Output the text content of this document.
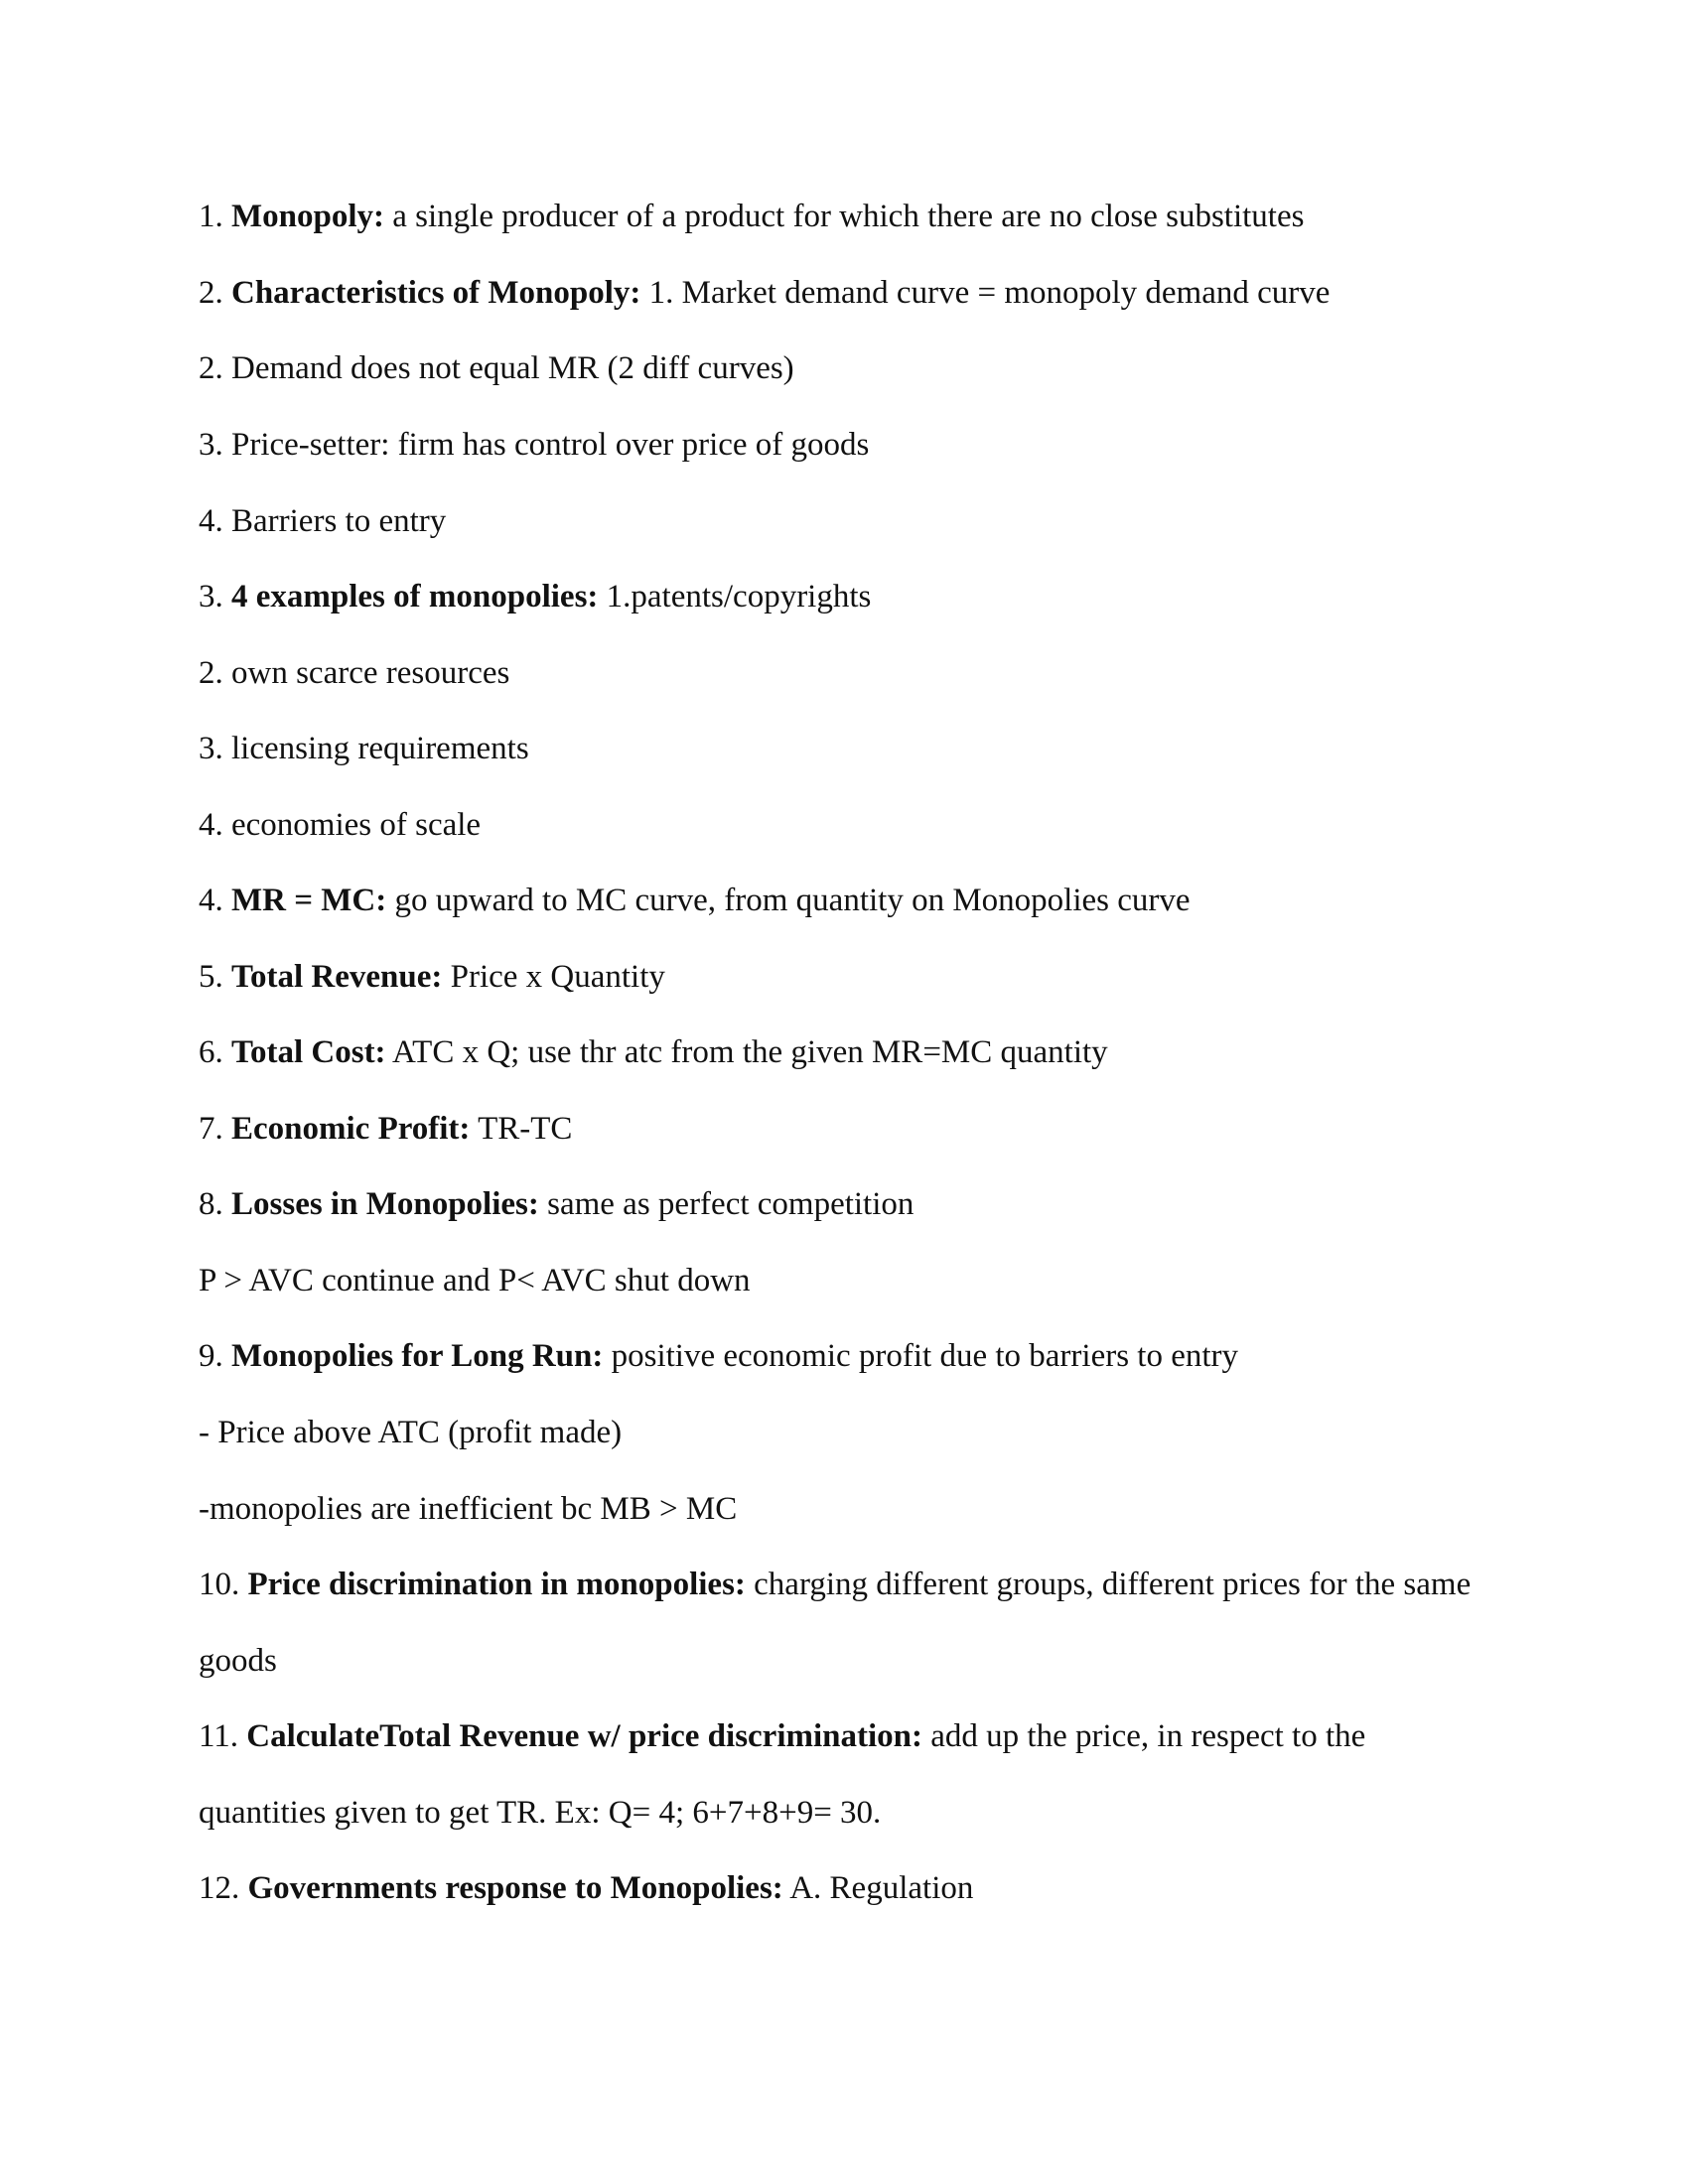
1. Monopoly: a single producer of a product for which there are no close substitutes
2. Characteristics of Monopoly: 1. Market demand curve = monopoly demand curve
2. Demand does not equal MR (2 diff curves)
3. Price-setter: firm has control over price of goods
4. Barriers to entry
3. 4 examples of monopolies: 1.patents/copyrights
2. own scarce resources
3. licensing requirements
4. economies of scale
4. MR = MC: go upward to MC curve, from quantity on Monopolies curve
5. Total Revenue: Price x Quantity
6. Total Cost: ATC x Q; use thr atc from the given MR=MC quantity
7. Economic Profit: TR-TC
8. Losses in Monopolies: same as perfect competition
P > AVC continue and P< AVC shut down
9. Monopolies for Long Run: positive economic profit due to barriers to entry
- Price above ATC (profit made)
-monopolies are inefficient bc MB > MC
10. Price discrimination in monopolies: charging different groups, different prices for the same
goods
11. CalculateTotal Revenue w/ price discrimination: add up the price, in respect to the
quantities given to get TR. Ex: Q= 4; 6+7+8+9= 30.
12. Governments response to Monopolies: A. Regulation
